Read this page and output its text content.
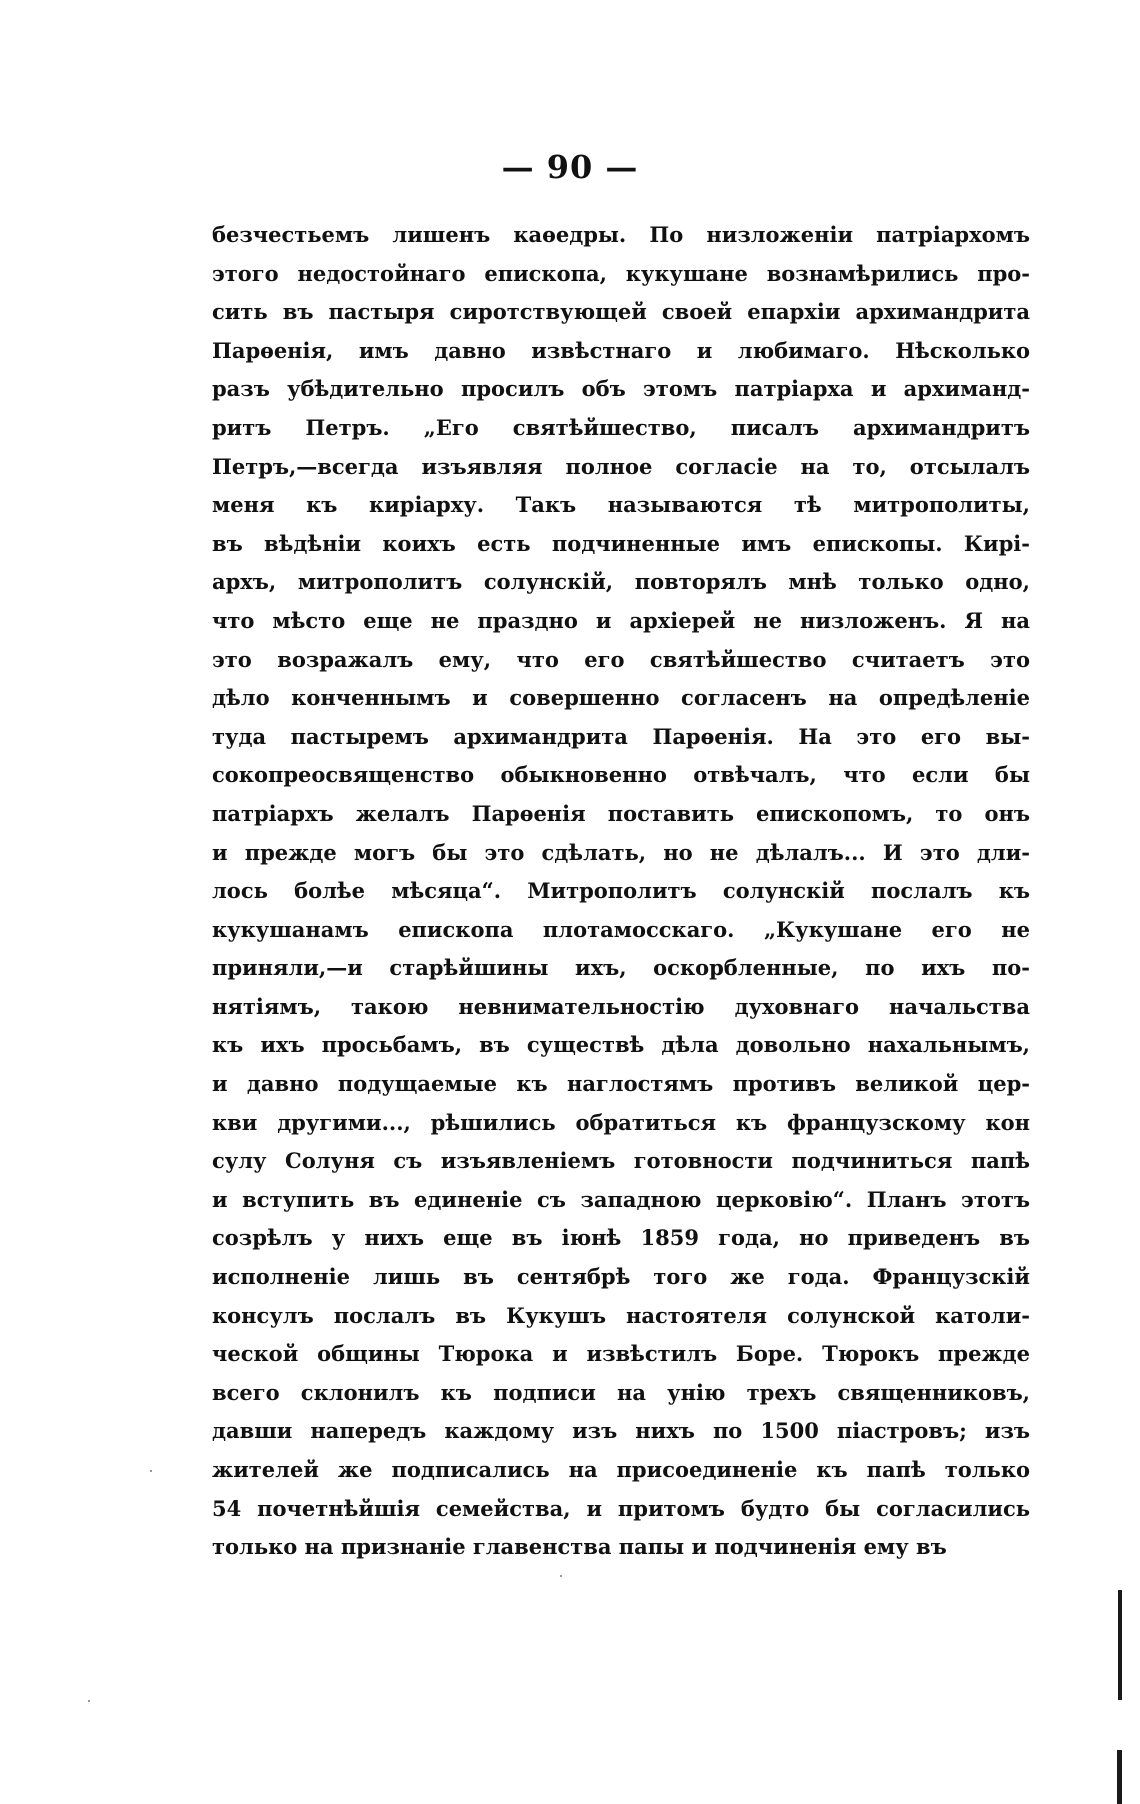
— 90 —
безчестьемъ лишенъ каѳедры. По низложеніи патріархомъ
этого недостойнаго епископа, кукушане вознамѣрились про-
сить въ пастыря сиротствующей своей епархіи архимандрита
Парѳенія, имъ давно извѣстнаго и любимаго. Нѣсколько
разъ убѣдительно просилъ объ этомъ патріарха и архиманд-
ритъ Петръ. „Его святѣйшество, писалъ архимандритъ
Петръ,—всегда изъявляя полное согласіе на то, отсылалъ
меня къ киріарху. Такъ называются тѣ митрополиты,
въ вѣдѣніи коихъ есть подчиненные имъ епископы. Кирі-
архъ, митрополитъ солунскій, повторялъ мнѣ только одно,
что мѣсто еще не праздно и архіерей не низложенъ. Я на
это возражалъ ему, что его святѣйшество считаетъ это
дѣло конченнымъ и совершенно согласенъ на опредѣленіе
туда пастыремъ архимандрита Парѳенія. На это его вы-
сокопреосвященство обыкновенно отвѣчалъ, что если бы
патріархъ желалъ Парѳенія поставить епископомъ, то онъ
и прежде могъ бы это сдѣлать, но не дѣлалъ... И это дли-
лось болѣе мѣсяца“. Митрополитъ солунскій послалъ къ
кукушанамъ епископа плотамосскаго. „Кукушане его не
приняли,—и старѣйшины ихъ, оскорбленные, по ихъ по-
нятіямъ, такою невнимательностію духовнаго начальства
къ ихъ просьбамъ, въ существѣ дѣла довольно нахальнымъ,
и давно подущаемые къ наглостямъ противъ великой цер-
кви другими..., рѣшились обратиться къ французскому кон
сулу Солуня съ изъявленіемъ готовности подчиниться папѣ
и вступить въ единеніе съ западною церковію“. Планъ этотъ
созрѣлъ у нихъ еще въ іюнѣ 1859 года, но приведенъ въ
исполненіе лишь въ сентябрѣ того же года. Французскій
консулъ послалъ въ Кукушъ настоятеля солунской католи-
ческой общины Тюрока и извѣстилъ Боре. Тюрокъ прежде
всего склонилъ къ подписи на унію трехъ священниковъ,
давши напередъ каждому изъ нихъ по 1500 піастровъ; изъ
жителей же подписались на присоединеніе къ папѣ только
54 почетнѣйшія семейства, и притомъ будто бы согласились
только на признаніе главенства папы и подчиненія ему въ
